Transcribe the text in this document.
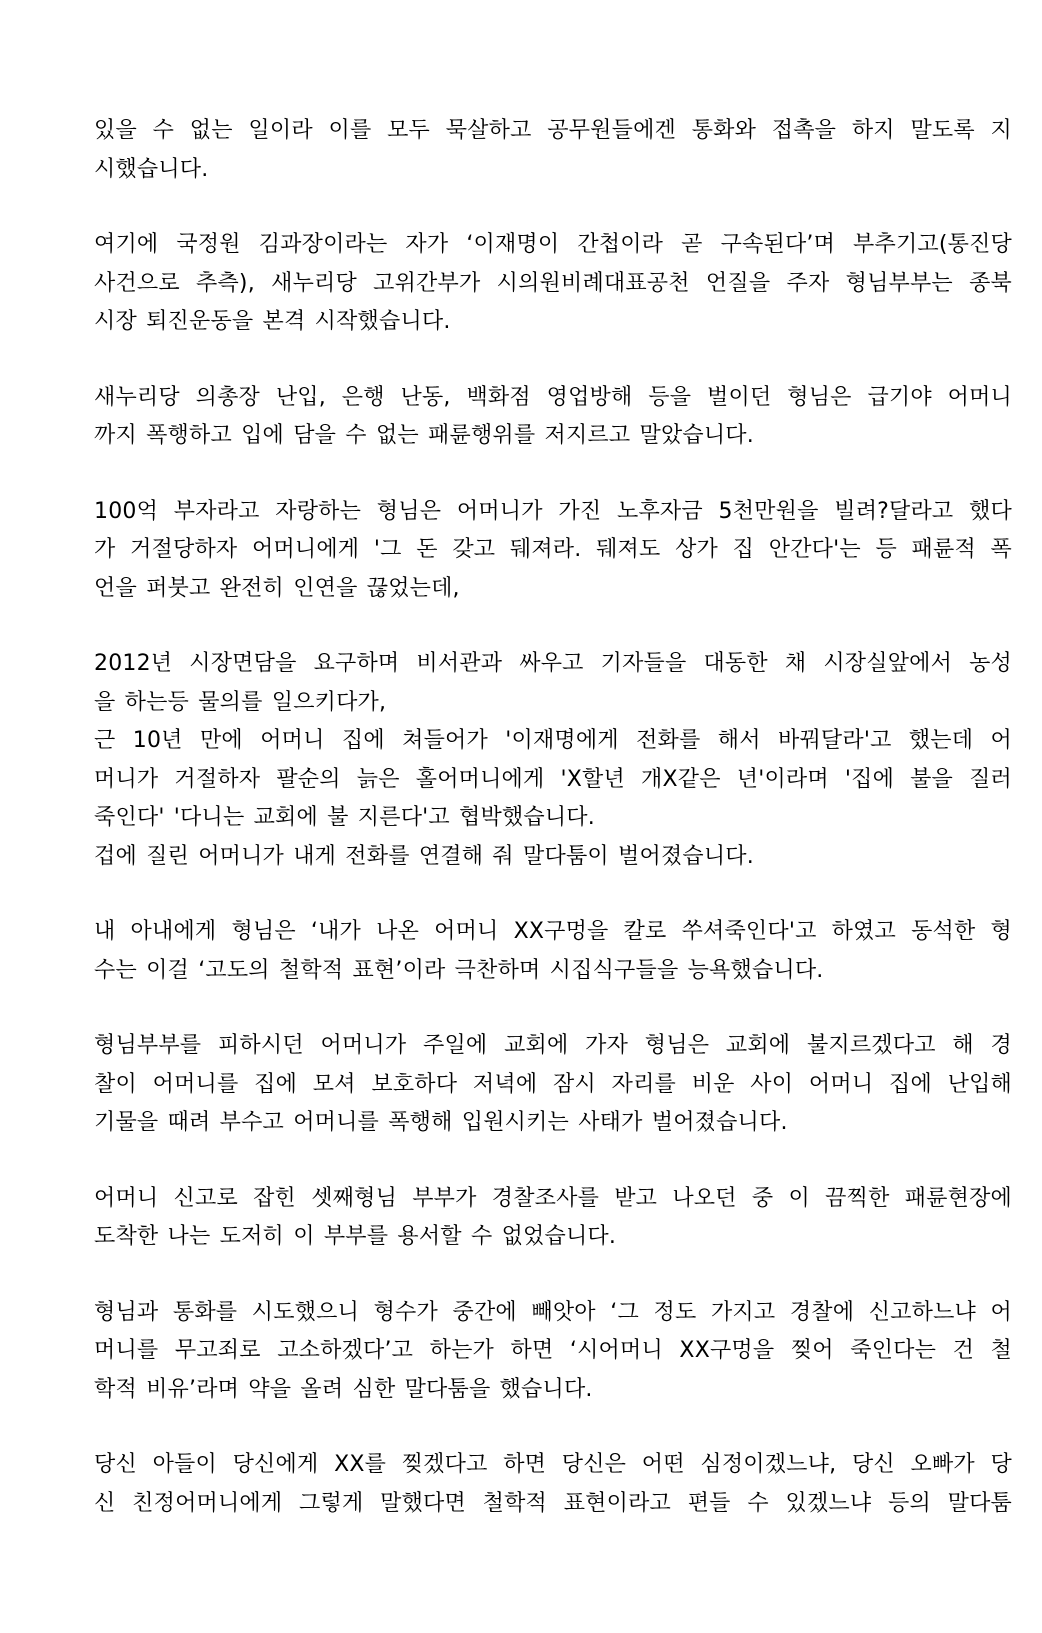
있을 수 없는 일이라 이를 모두 묵살하고 공무원들에겐 통화와 접촉을 하지 말도록 지
시했습니다.
여기에 국정원 김과장이라는 자가 ‘이재명이 간첩이라 곧 구속된다’며 부추기고(통진당
사건으로 추측), 새누리당 고위간부가 시의원비례대표공천 언질을 주자 형님부부는 종북
시장 퇴진운동을 본격 시작했습니다.
새누리당 의총장 난입, 은행 난동, 백화점 영업방해 등을 벌이던 형님은 급기야 어머니
까지 폭행하고 입에 담을 수 없는 패륜행위를 저지르고 말았습니다.
100억 부자라고 자랑하는 형님은 어머니가 가진 노후자금 5천만원을 빌려?달라고 했다
가 거절당하자 어머니에게 '그 돈 갖고 뒈져라. 뒈져도 상가 집 안간다'는 등 패륜적 폭
언을 퍼붓고 완전히 인연을 끊었는데,
2012년 시장면담을 요구하며 비서관과 싸우고 기자들을 대동한 채 시장실앞에서 농성
을 하는등 물의를 일으키다가,
근 10년 만에 어머니 집에 쳐들어가 '이재명에게 전화를 해서 바꿔달라'고 했는데 어
머니가 거절하자 팔순의 늙은 홀어머니에게 'X할년 개X같은 년'이라며 '집에 불을 질러
죽인다' '다니는 교회에 불 지른다'고 협박했습니다.
겁에 질린 어머니가 내게 전화를 연결해 줘 말다툼이 벌어졌습니다.
내 아내에게 형님은 ‘내가 나온 어머니 XX구멍을 칼로 쑤셔죽인다'고 하였고 동석한 형
수는 이걸 ‘고도의 철학적 표현’이라 극찬하며 시집식구들을 능욕했습니다.
형님부부를 피하시던 어머니가 주일에 교회에 가자 형님은 교회에 불지르겠다고 해 경
찰이 어머니를 집에 모셔 보호하다 저녁에 잠시 자리를 비운 사이 어머니 집에 난입해
기물을 때려 부수고 어머니를 폭행해 입원시키는 사태가 벌어졌습니다.
어머니 신고로 잡힌 셋째형님 부부가 경찰조사를 받고 나오던 중 이 끔찍한 패륜현장에
도착한 나는 도저히 이 부부를 용서할 수 없었습니다.
형님과 통화를 시도했으니 형수가 중간에 빼앗아 ‘그 정도 가지고 경찰에 신고하느냐 어
머니를 무고죄로 고소하겠다’고 하는가 하면 ‘시어머니 XX구멍을 찢어 죽인다는 건 철
학적 비유’라며 약을 올려 심한 말다툼을 했습니다.
당신 아들이 당신에게 XX를 찢겠다고 하면 당신은 어떤 심정이겠느냐, 당신 오빠가 당
신 친정어머니에게 그렇게 말했다면 철학적 표현이라고 편들 수 있겠느냐 등의 말다툼
